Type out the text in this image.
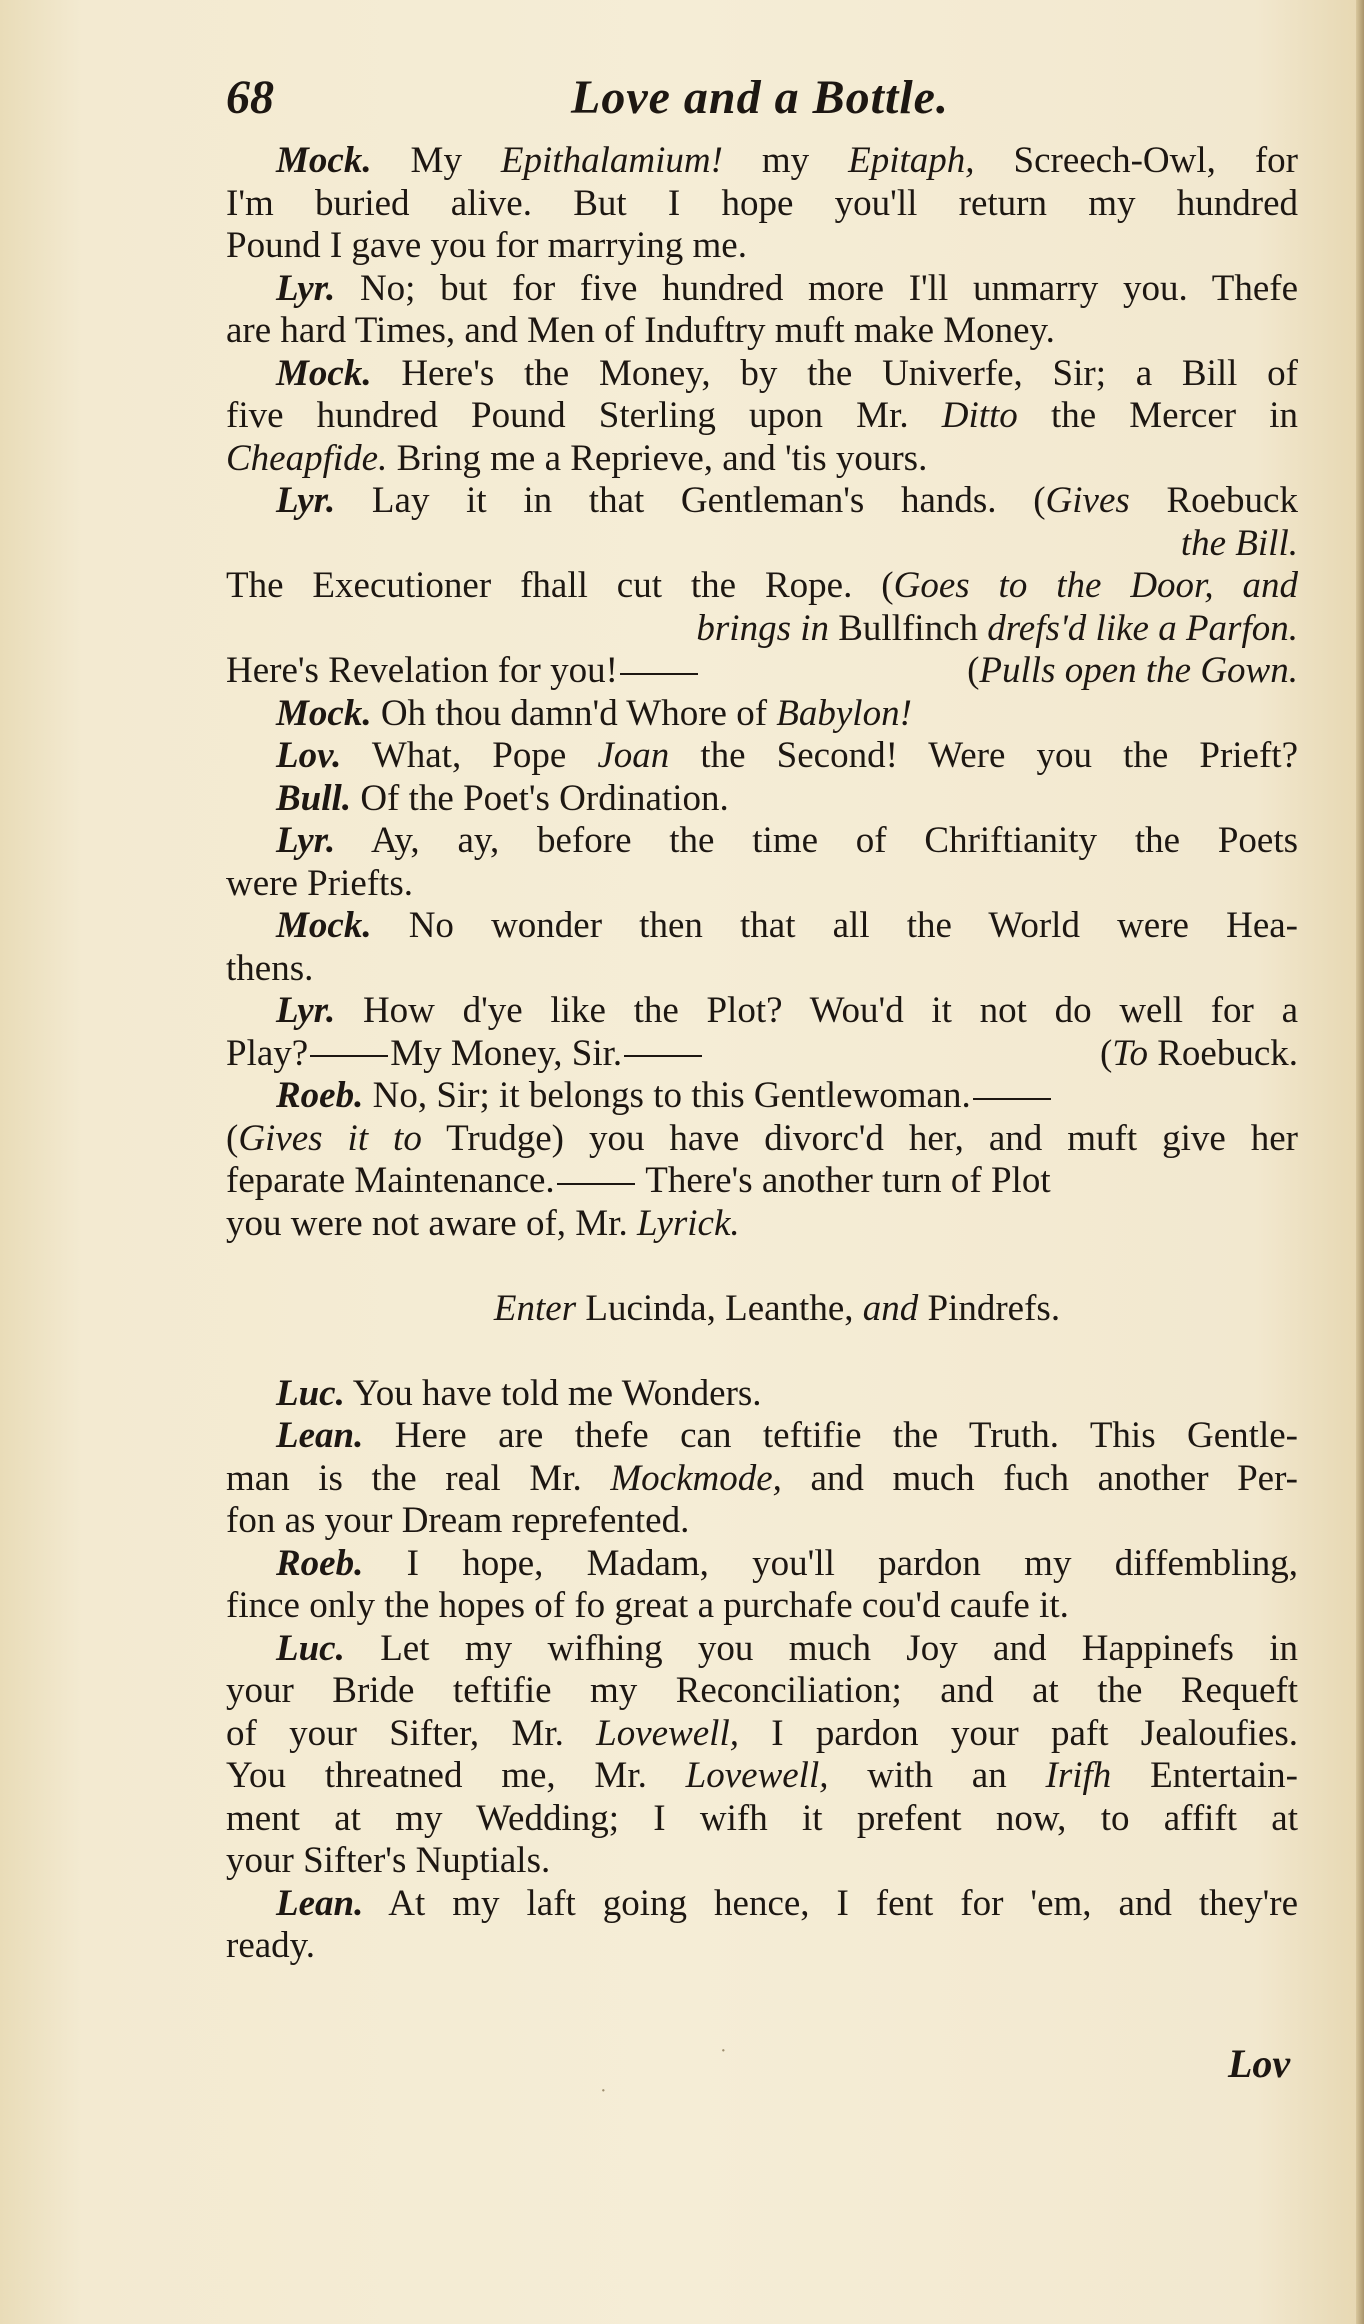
68	Love and a Bottle.
Mock. My Epithalamium! my Epitaph, Screech-Owl, for
I'm buried alive. But I hope you'll return my hundred
Pound I gave you for marrying me.
Lyr. No; but for five hundred more I'll unmarry you. Thefe
are hard Times, and Men of Induftry muft make Money.
Mock. Here's the Money, by the Univerfe, Sir; a Bill of
five hundred Pound Sterling upon Mr. Ditto the Mercer in
Cheapfide. Bring me a Reprieve, and 'tis yours.
Lyr. Lay it in that Gentleman's hands. (Gives Roebuck
the Bill.
The Executioner fhall cut the Rope. (Goes to the Door, and
brings in Bullfinch drefs'd like a Parfon.
Here's Revelation for you!	(Pulls open the Gown.
Mock. Oh thou damn'd Whore of Babylon!
Lov. What, Pope Joan the Second! Were you the Prieft?
Bull. Of the Poet's Ordination.
Lyr. Ay, ay, before the time of Chriftianity the Poets
were Priefts.
Mock. No wonder then that all the World were Hea-
thens.
Lyr. How d'ye like the Plot? Wou'd it not do well for a
Play? My Money, Sir.	(To Roebuck.
Roeb. No, Sir; it belongs to this Gentlewoman.
(Gives it to Trudge) you have divorc'd her, and muft give her
feparate Maintenance. There's another turn of Plot
you were not aware of, Mr. Lyrick.
Enter Lucinda, Leanthe, and Pindrefs.
Luc. You have told me Wonders.
Lean. Here are thefe can teftifie the Truth. This Gentle-
man is the real Mr. Mockmode, and much fuch another Per-
fon as your Dream reprefented.
Roeb. I hope, Madam, you'll pardon my diffembling,
fince only the hopes of fo great a purchafe cou'd caufe it.
Luc. Let my wifhing you much Joy and Happinefs in
your Bride teftifie my Reconciliation; and at the Requeft
of your Sifter, Mr. Lovewell, I pardon your paft Jealoufies.
You threatned me, Mr. Lovewell, with an Irifh Entertain-
ment at my Wedding; I wifh it prefent now, to affift at
your Sifter's Nuptials.
Lean. At my laft going hence, I fent for 'em, and they're
ready.
Lov
·
·
